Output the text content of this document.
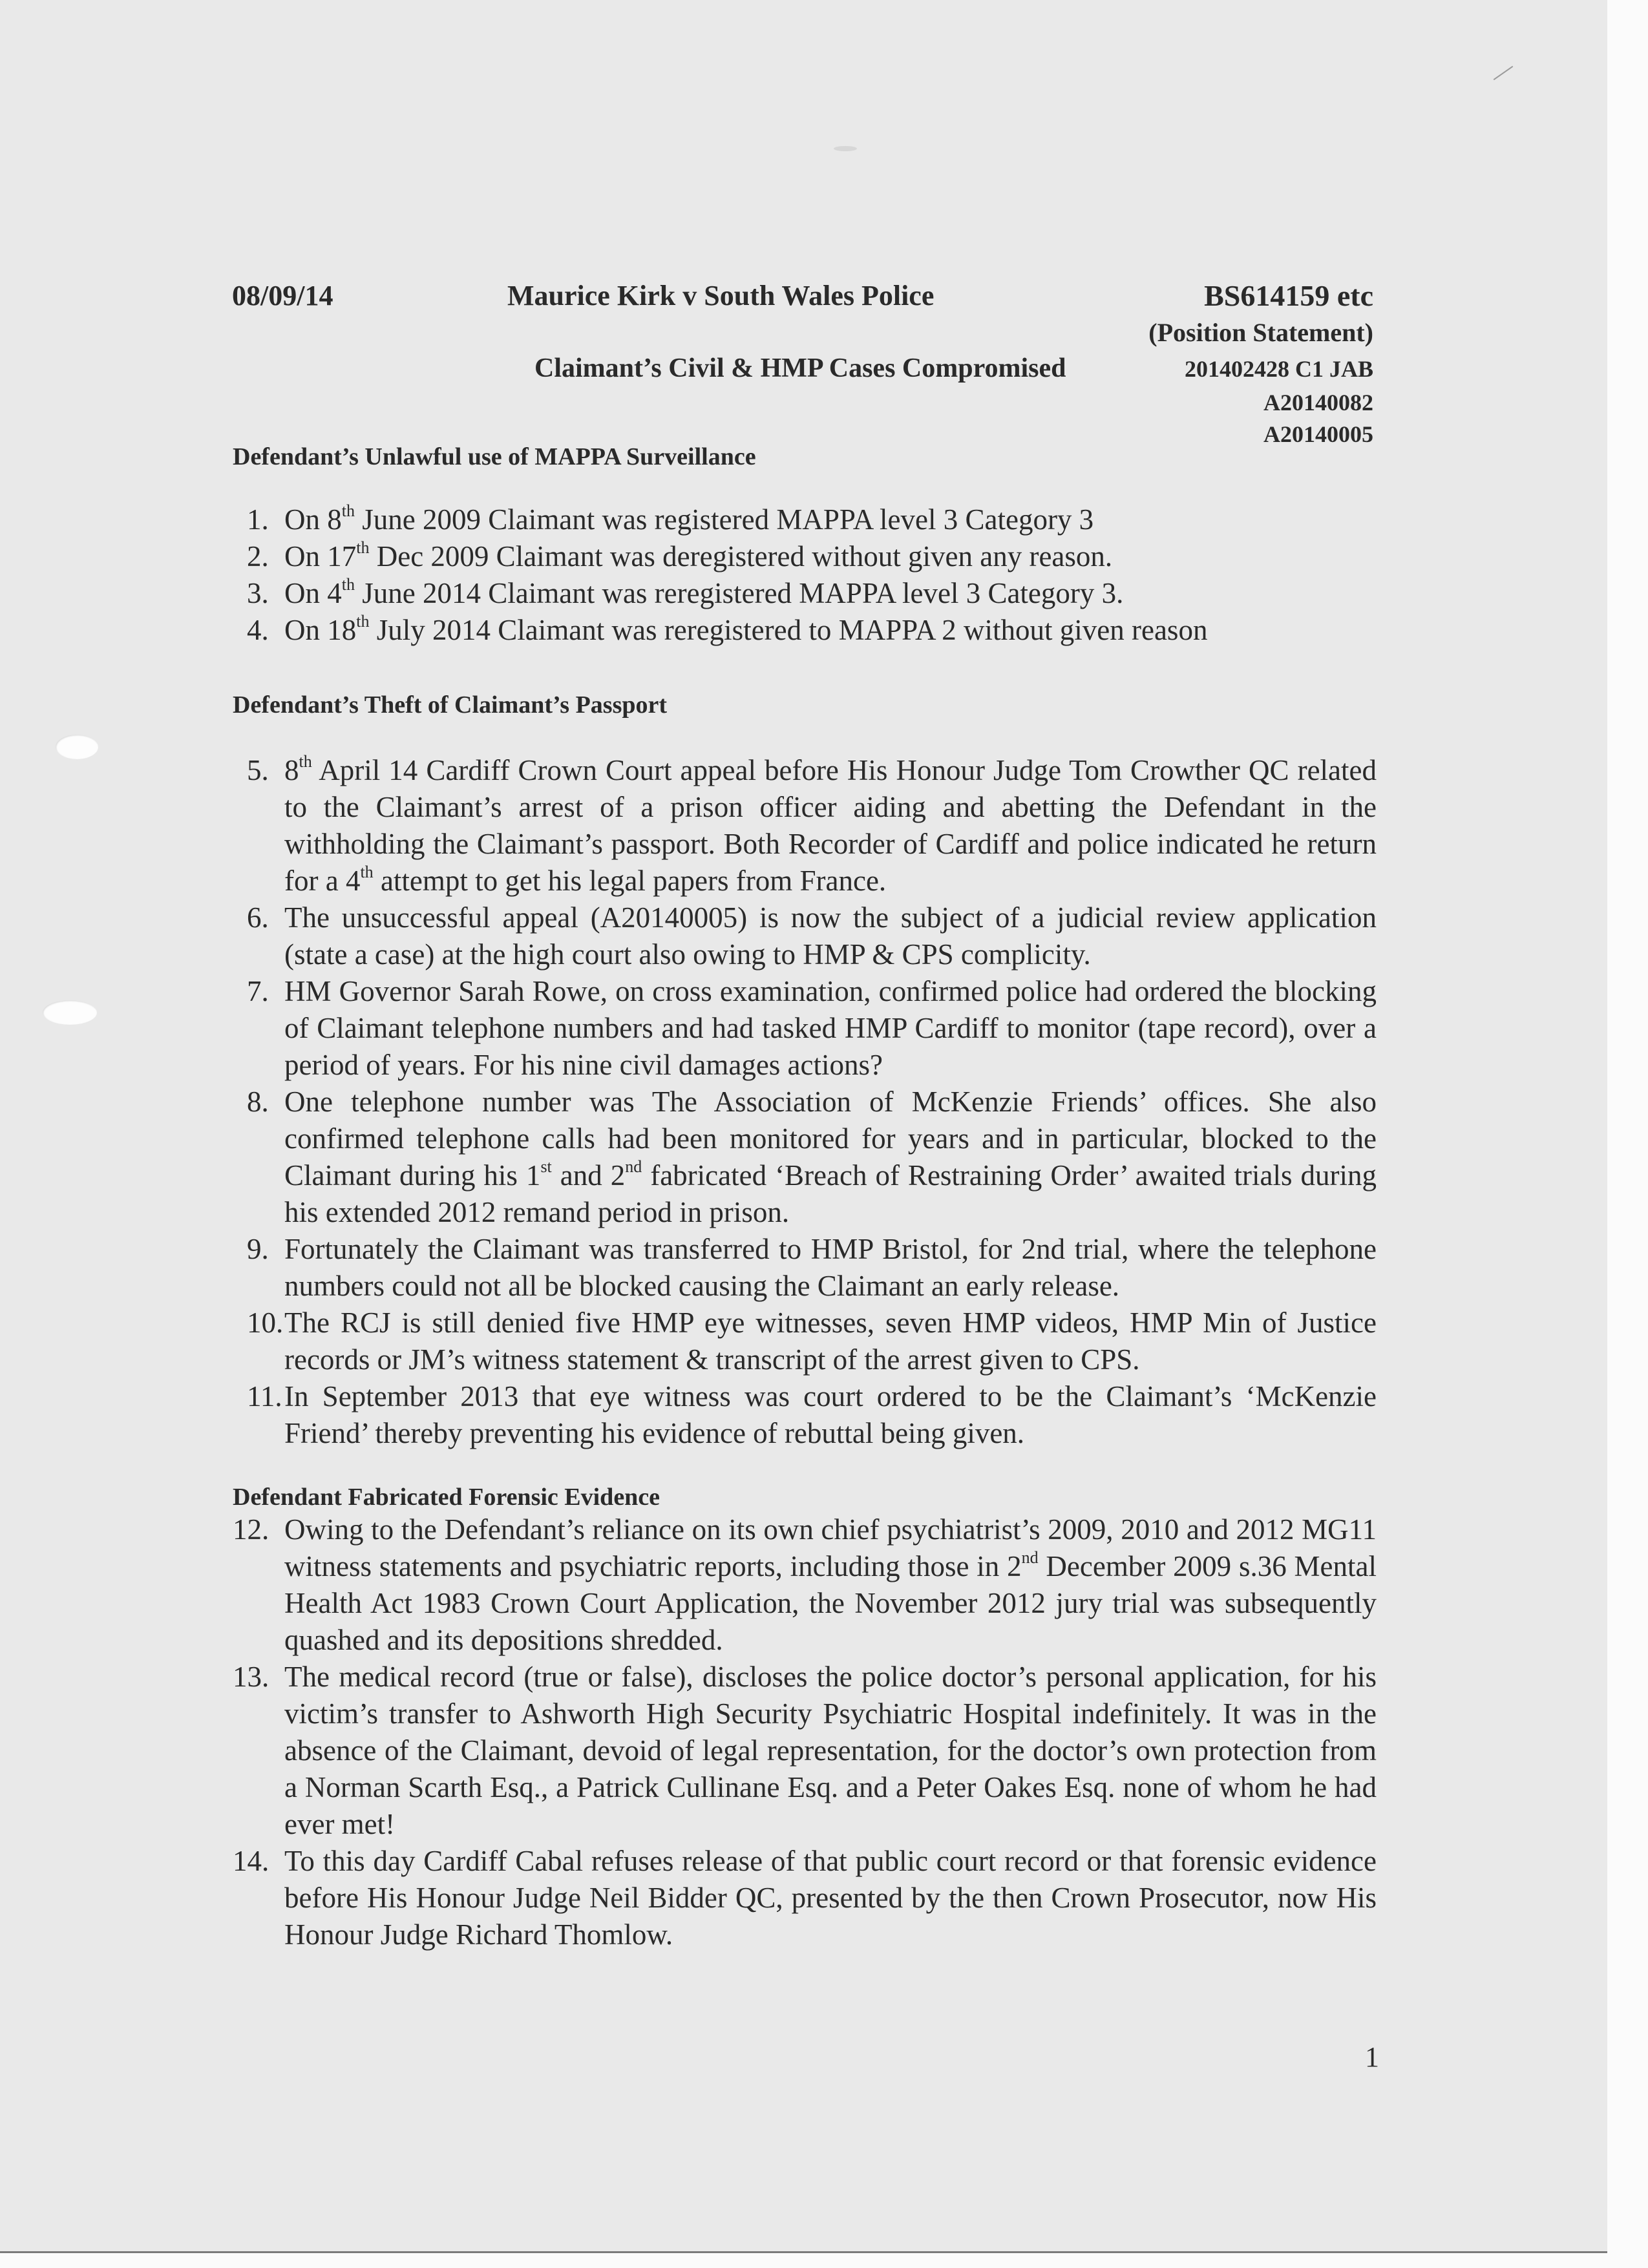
08/09/14	Maurice Kirk v South Wales Police	BS614159 etc
(Position Statement)
Claimant’s Civil & HMP Cases Compromised	201402428 C1 JAB
A20140082
A20140005
Defendant’s Unlawful use of MAPPA Surveillance
1. On 8th June 2009 Claimant was registered MAPPA level 3 Category 3
2. On 17th Dec 2009 Claimant was deregistered without given any reason.
3. On 4th June 2014 Claimant was reregistered MAPPA level 3 Category 3.
4. On 18th July 2014 Claimant was reregistered to MAPPA 2 without given reason
Defendant’s Theft of Claimant’s Passport
5. 8th April 14 Cardiff Crown Court appeal before His Honour Judge Tom Crowther QC related to the Claimant’s arrest of a prison officer aiding and abetting the Defendant in the withholding the Claimant’s passport. Both Recorder of Cardiff and police indicated he return for a 4th attempt to get his legal papers from France.
6. The unsuccessful appeal (A20140005) is now the subject of a judicial review application (state a case) at the high court also owing to HMP & CPS complicity.
7. HM Governor Sarah Rowe, on cross examination, confirmed police had ordered the blocking of Claimant telephone numbers and had tasked HMP Cardiff to monitor (tape record), over a period of years. For his nine civil damages actions?
8. One telephone number was The Association of McKenzie Friends’ offices. She also confirmed telephone calls had been monitored for years and in particular, blocked to the Claimant during his 1st and 2nd fabricated ‘Breach of Restraining Order’ awaited trials during his extended 2012 remand period in prison.
9. Fortunately the Claimant was transferred to HMP Bristol, for 2nd trial, where the telephone numbers could not all be blocked causing the Claimant an early release.
10. The RCJ is still denied five HMP eye witnesses, seven HMP videos, HMP Min of Justice records or JM’s witness statement & transcript of the arrest given to CPS.
11. In September 2013 that eye witness was court ordered to be the Claimant’s ‘McKenzie Friend’ thereby preventing his evidence of rebuttal being given.
Defendant Fabricated Forensic Evidence
12. Owing to the Defendant’s reliance on its own chief psychiatrist’s 2009, 2010 and 2012 MG11 witness statements and psychiatric reports, including those in 2nd December 2009 s.36 Mental Health Act 1983 Crown Court Application, the November 2012 jury trial was subsequently quashed and its depositions shredded.
13. The medical record (true or false), discloses the police doctor’s personal application, for his victim’s transfer to Ashworth High Security Psychiatric Hospital indefinitely. It was in the absence of the Claimant, devoid of legal representation, for the doctor’s own protection from a Norman Scarth Esq., a Patrick Cullinane Esq. and a Peter Oakes Esq. none of whom he had ever met!
14. To this day Cardiff Cabal refuses release of that public court record or that forensic evidence before His Honour Judge Neil Bidder QC, presented by the then Crown Prosecutor, now His Honour Judge Richard Thomlow.
1
